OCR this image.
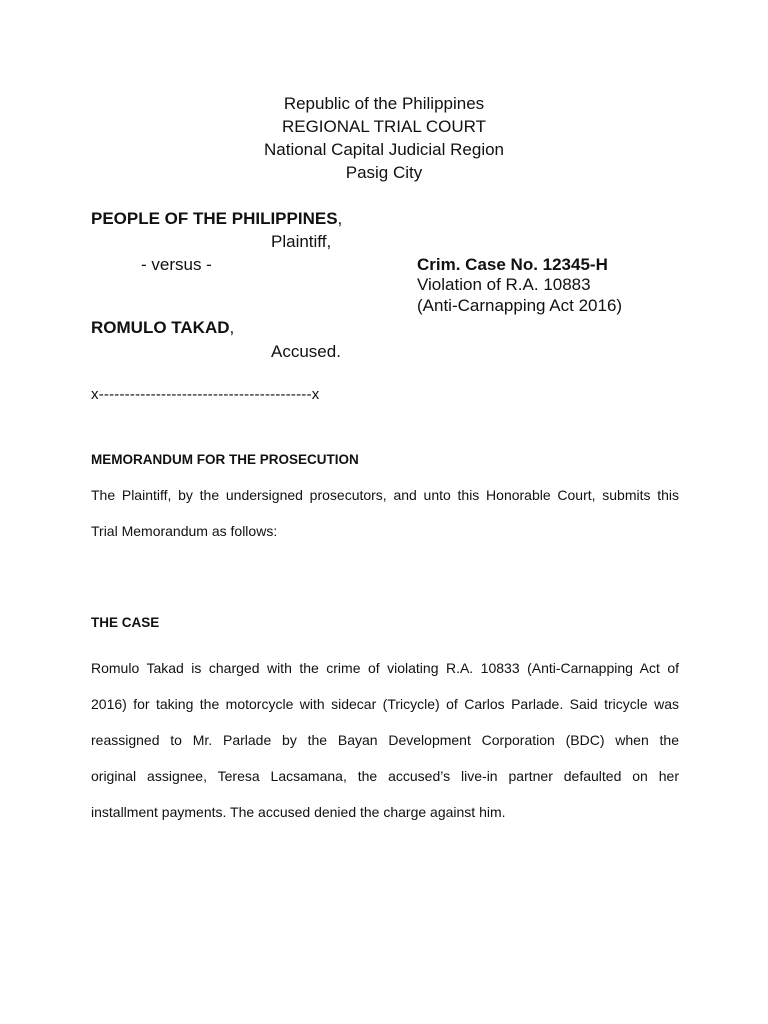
Republic of the Philippines
REGIONAL TRIAL COURT
National Capital Judicial Region
Pasig City
PEOPLE OF THE PHILIPPINES,
Plaintiff,
- versus -	Crim. Case No. 12345-H
Violation of R.A. 10883
(Anti-Carnapping Act 2016)
ROMULO TAKAD,
Accused.
x-----------------------------------------x
MEMORANDUM FOR THE PROSECUTION
The Plaintiff, by the undersigned prosecutors, and unto this Honorable Court, submits this
Trial Memorandum as follows:
THE CASE
Romulo Takad is charged with the crime of violating R.A. 10833 (Anti-Carnapping Act of
2016) for taking the motorcycle with sidecar (Tricycle) of Carlos Parlade. Said tricycle was
reassigned to Mr. Parlade by the Bayan Development Corporation (BDC) when the
original assignee, Teresa Lacsamana, the accused’s live-in partner defaulted on her
installment payments. The accused denied the charge against him.
